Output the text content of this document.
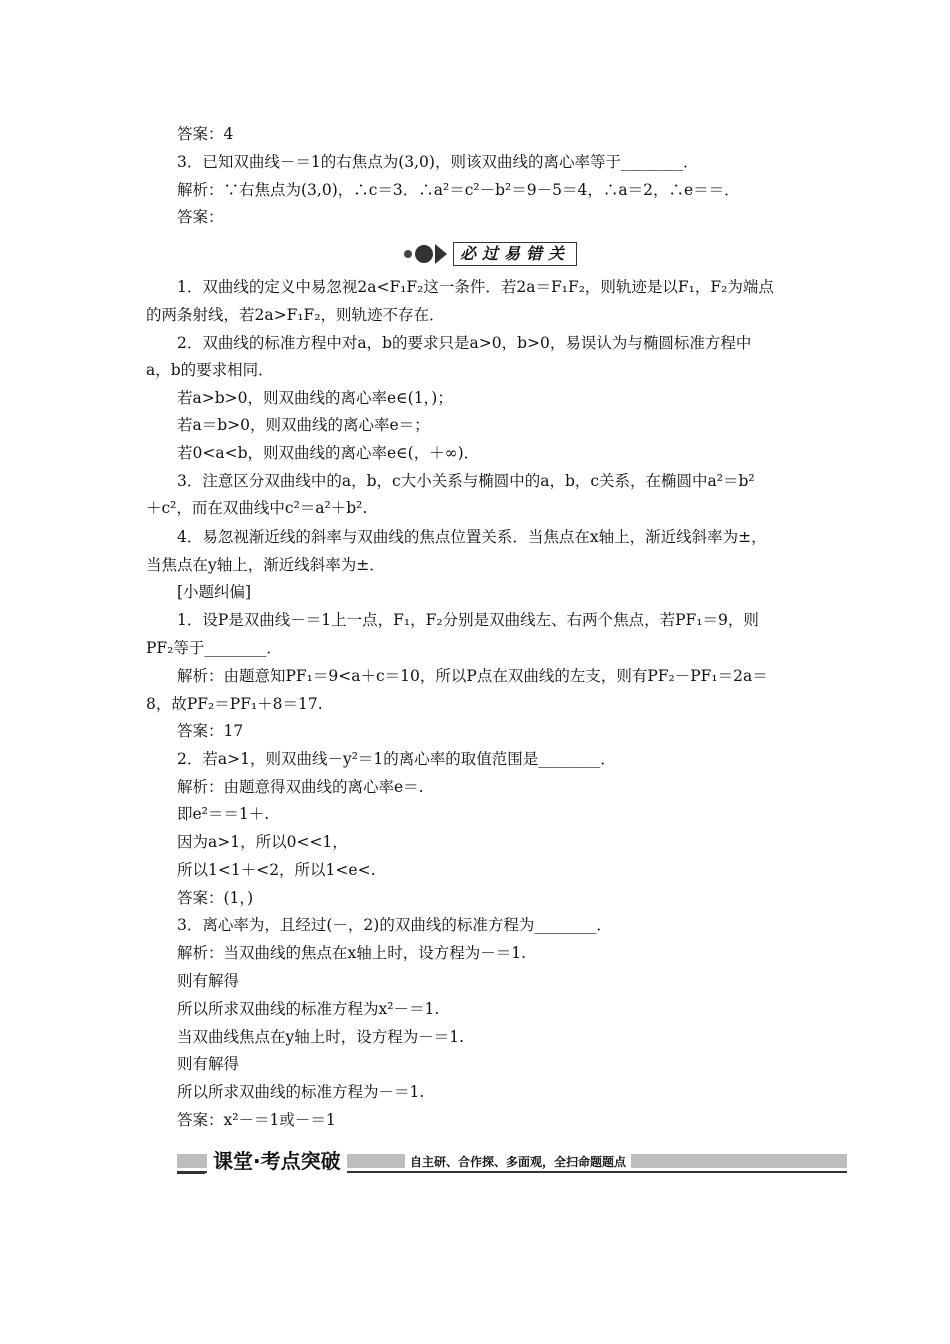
答案：4
3．已知双曲线－＝1的右焦点为(3,0)，则该双曲线的离心率等于________．
解析：∵右焦点为(3,0)，∴c＝3．∴a²＝c²－b²＝9－5＝4，∴a＝2，∴e＝＝．
答案：
必过易错关
1．双曲线的定义中易忽视2a<F₁F₂这一条件．若2a＝F₁F₂，则轨迹是以F₁，F₂为端点
的两条射线，若2a>F₁F₂，则轨迹不存在．
2．双曲线的标准方程中对a，b的要求只是a>0，b>0，易误认为与椭圆标准方程中
a，b的要求相同．
若a>b>0，则双曲线的离心率e∈(1，)；
若a＝b>0，则双曲线的离心率e＝；
若0<a<b，则双曲线的离心率e∈(，＋∞)．
3．注意区分双曲线中的a，b，c大小关系与椭圆中的a，b，c关系，在椭圆中a²＝b²
＋c²，而在双曲线中c²＝a²＋b².
4．易忽视渐近线的斜率与双曲线的焦点位置关系．当焦点在x轴上，渐近线斜率为±，
当焦点在y轴上，渐近线斜率为±．
[小题纠偏]
1．设P是双曲线－＝1上一点，F₁，F₂分别是双曲线左、右两个焦点，若PF₁＝9，则
PF₂等于________．
解析：由题意知PF₁＝9<a＋c＝10，所以P点在双曲线的左支，则有PF₂－PF₁＝2a＝
8，故PF₂＝PF₁＋8＝17.
答案：17
2．若a>1，则双曲线－y²＝1的离心率的取值范围是________．
解析：由题意得双曲线的离心率e＝.
即e²＝＝1＋.
因为a>1，所以0<<1，
所以1<1＋<2，所以1<e<.
答案：(1，)
3．离心率为，且经过(－，2)的双曲线的标准方程为________．
解析：当双曲线的焦点在x轴上时，设方程为－＝1.
则有解得
所以所求双曲线的标准方程为x²－＝1.
当双曲线焦点在y轴上时，设方程为－＝1.
则有解得
所以所求双曲线的标准方程为－＝1.
答案：x²－＝1或－＝1
课堂·考点突破	自主研、合作探、多面观，全扫命题题点
